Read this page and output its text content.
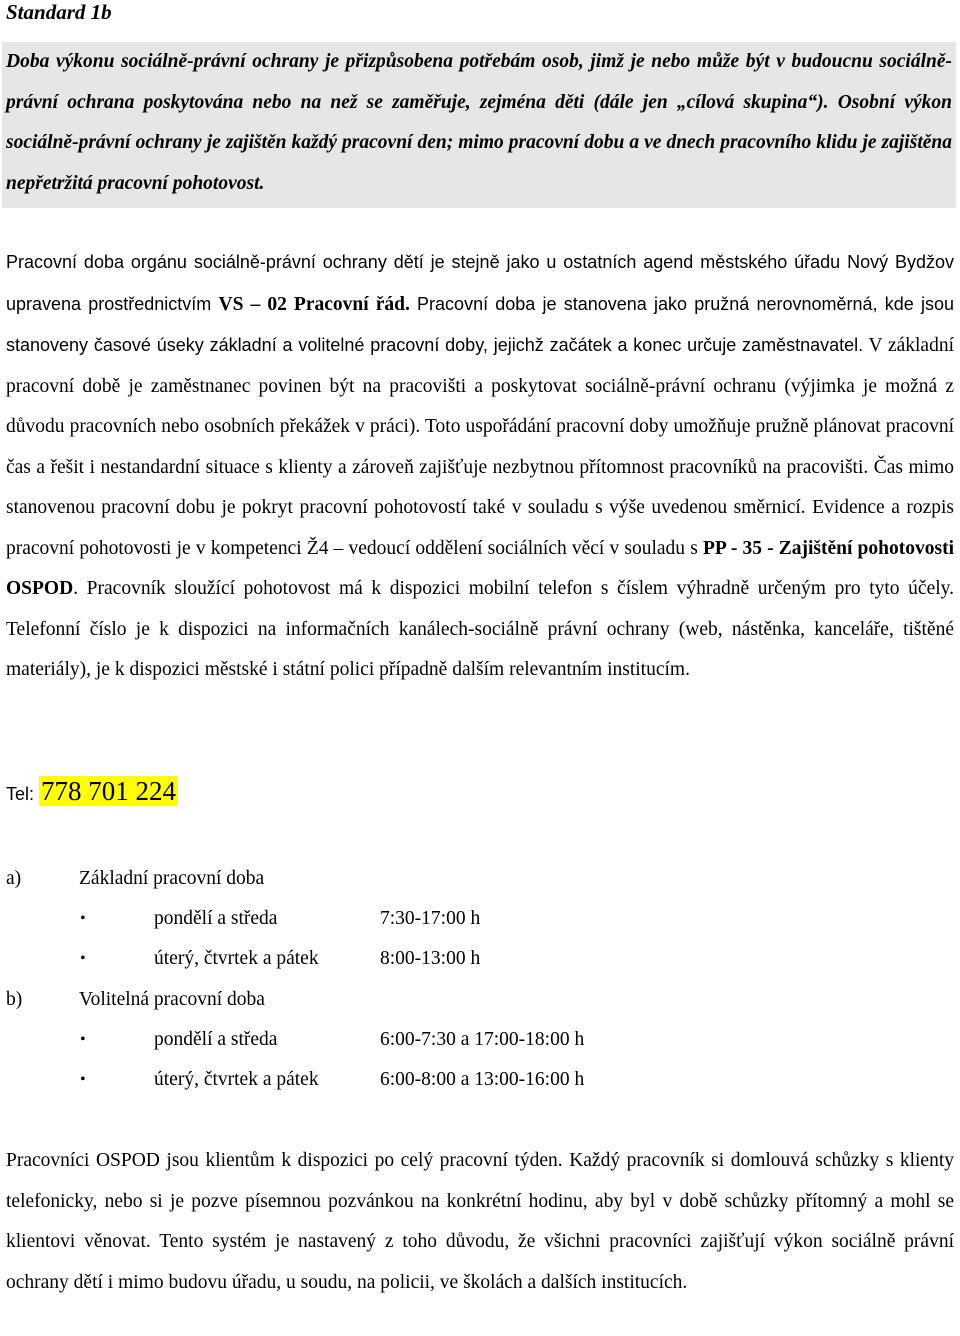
Standard 1b
Doba výkonu sociálně-právní ochrany je přizpůsobena potřebám osob, jimž je nebo může být v budoucnu sociálně-právní ochrana poskytována nebo na než se zaměřuje, zejména děti (dále jen „cílová skupina“). Osobní výkon sociálně-právní ochrany je zajištěn každý pracovní den; mimo pracovní dobu a ve dnech pracovního klidu je zajištěna nepřetržitá pracovní pohotovost.
Pracovní doba orgánu sociálně-právní ochrany dětí je stejně jako u ostatních agend městského úřadu Nový Bydžov upravena prostřednictvím VS – 02 Pracovní řád. Pracovní doba je stanovena jako pružná nerovnoměrná, kde jsou stanoveny časové úseky základní a volitelné pracovní doby, jejichž začátek a konec určuje zaměstnavatel. V základní pracovní době je zaměstnanec povinen být na pracovišti a poskytovat sociálně-právní ochranu (výjimka je možná z důvodu pracovních nebo osobních překážek v práci). Toto uspořádání pracovní doby umožňuje pružně plánovat pracovní čas a řešit i nestandardní situace s klienty a zároveň zajišťuje nezbytnou přítomnost pracovníků na pracovišti. Čas mimo stanovenou pracovní dobu je pokryt pracovní pohotovostí také v souladu s výše uvedenou směrnicí. Evidence a rozpis pracovní pohotovosti je v kompetenci Ž4 – vedoucí oddělení sociálních věcí v souladu s PP - 35 - Zajištění pohotovosti OSPOD. Pracovník sloužící pohotovost má k dispozici mobilní telefon s číslem výhradně určeným pro tyto účely. Telefonní číslo je k dispozici na informačních kanálech-sociálně právní ochrany (web, nástěnka, kanceláře, tištěné materiály), je k dispozici městské i státní polici případně dalším relevantním institucím.
Tel: 778 701 224
a)	Základní pracovní doba
•	pondělí a středa	7:30-17:00 h
•	úterý, čtvrtek a pátek	8:00-13:00 h
b)	Volitelná pracovní doba
•	pondělí a středa	6:00-7:30 a 17:00-18:00 h
•	úterý, čtvrtek a pátek	6:00-8:00 a 13:00-16:00 h
Pracovníci OSPOD jsou klientům k dispozici po celý pracovní týden. Každý pracovník si domlouvá schůzky s klienty telefonicky, nebo si je pozve písemnou pozvánkou na konkrétní hodinu, aby byl v době schůzky přítomný a mohl se klientovi věnovat. Tento systém je nastavený z toho důvodu, že všichni pracovníci zajišťují výkon sociálně právní ochrany dětí i mimo budovu úřadu, u soudu, na policii, ve školách a dalších institucích.
